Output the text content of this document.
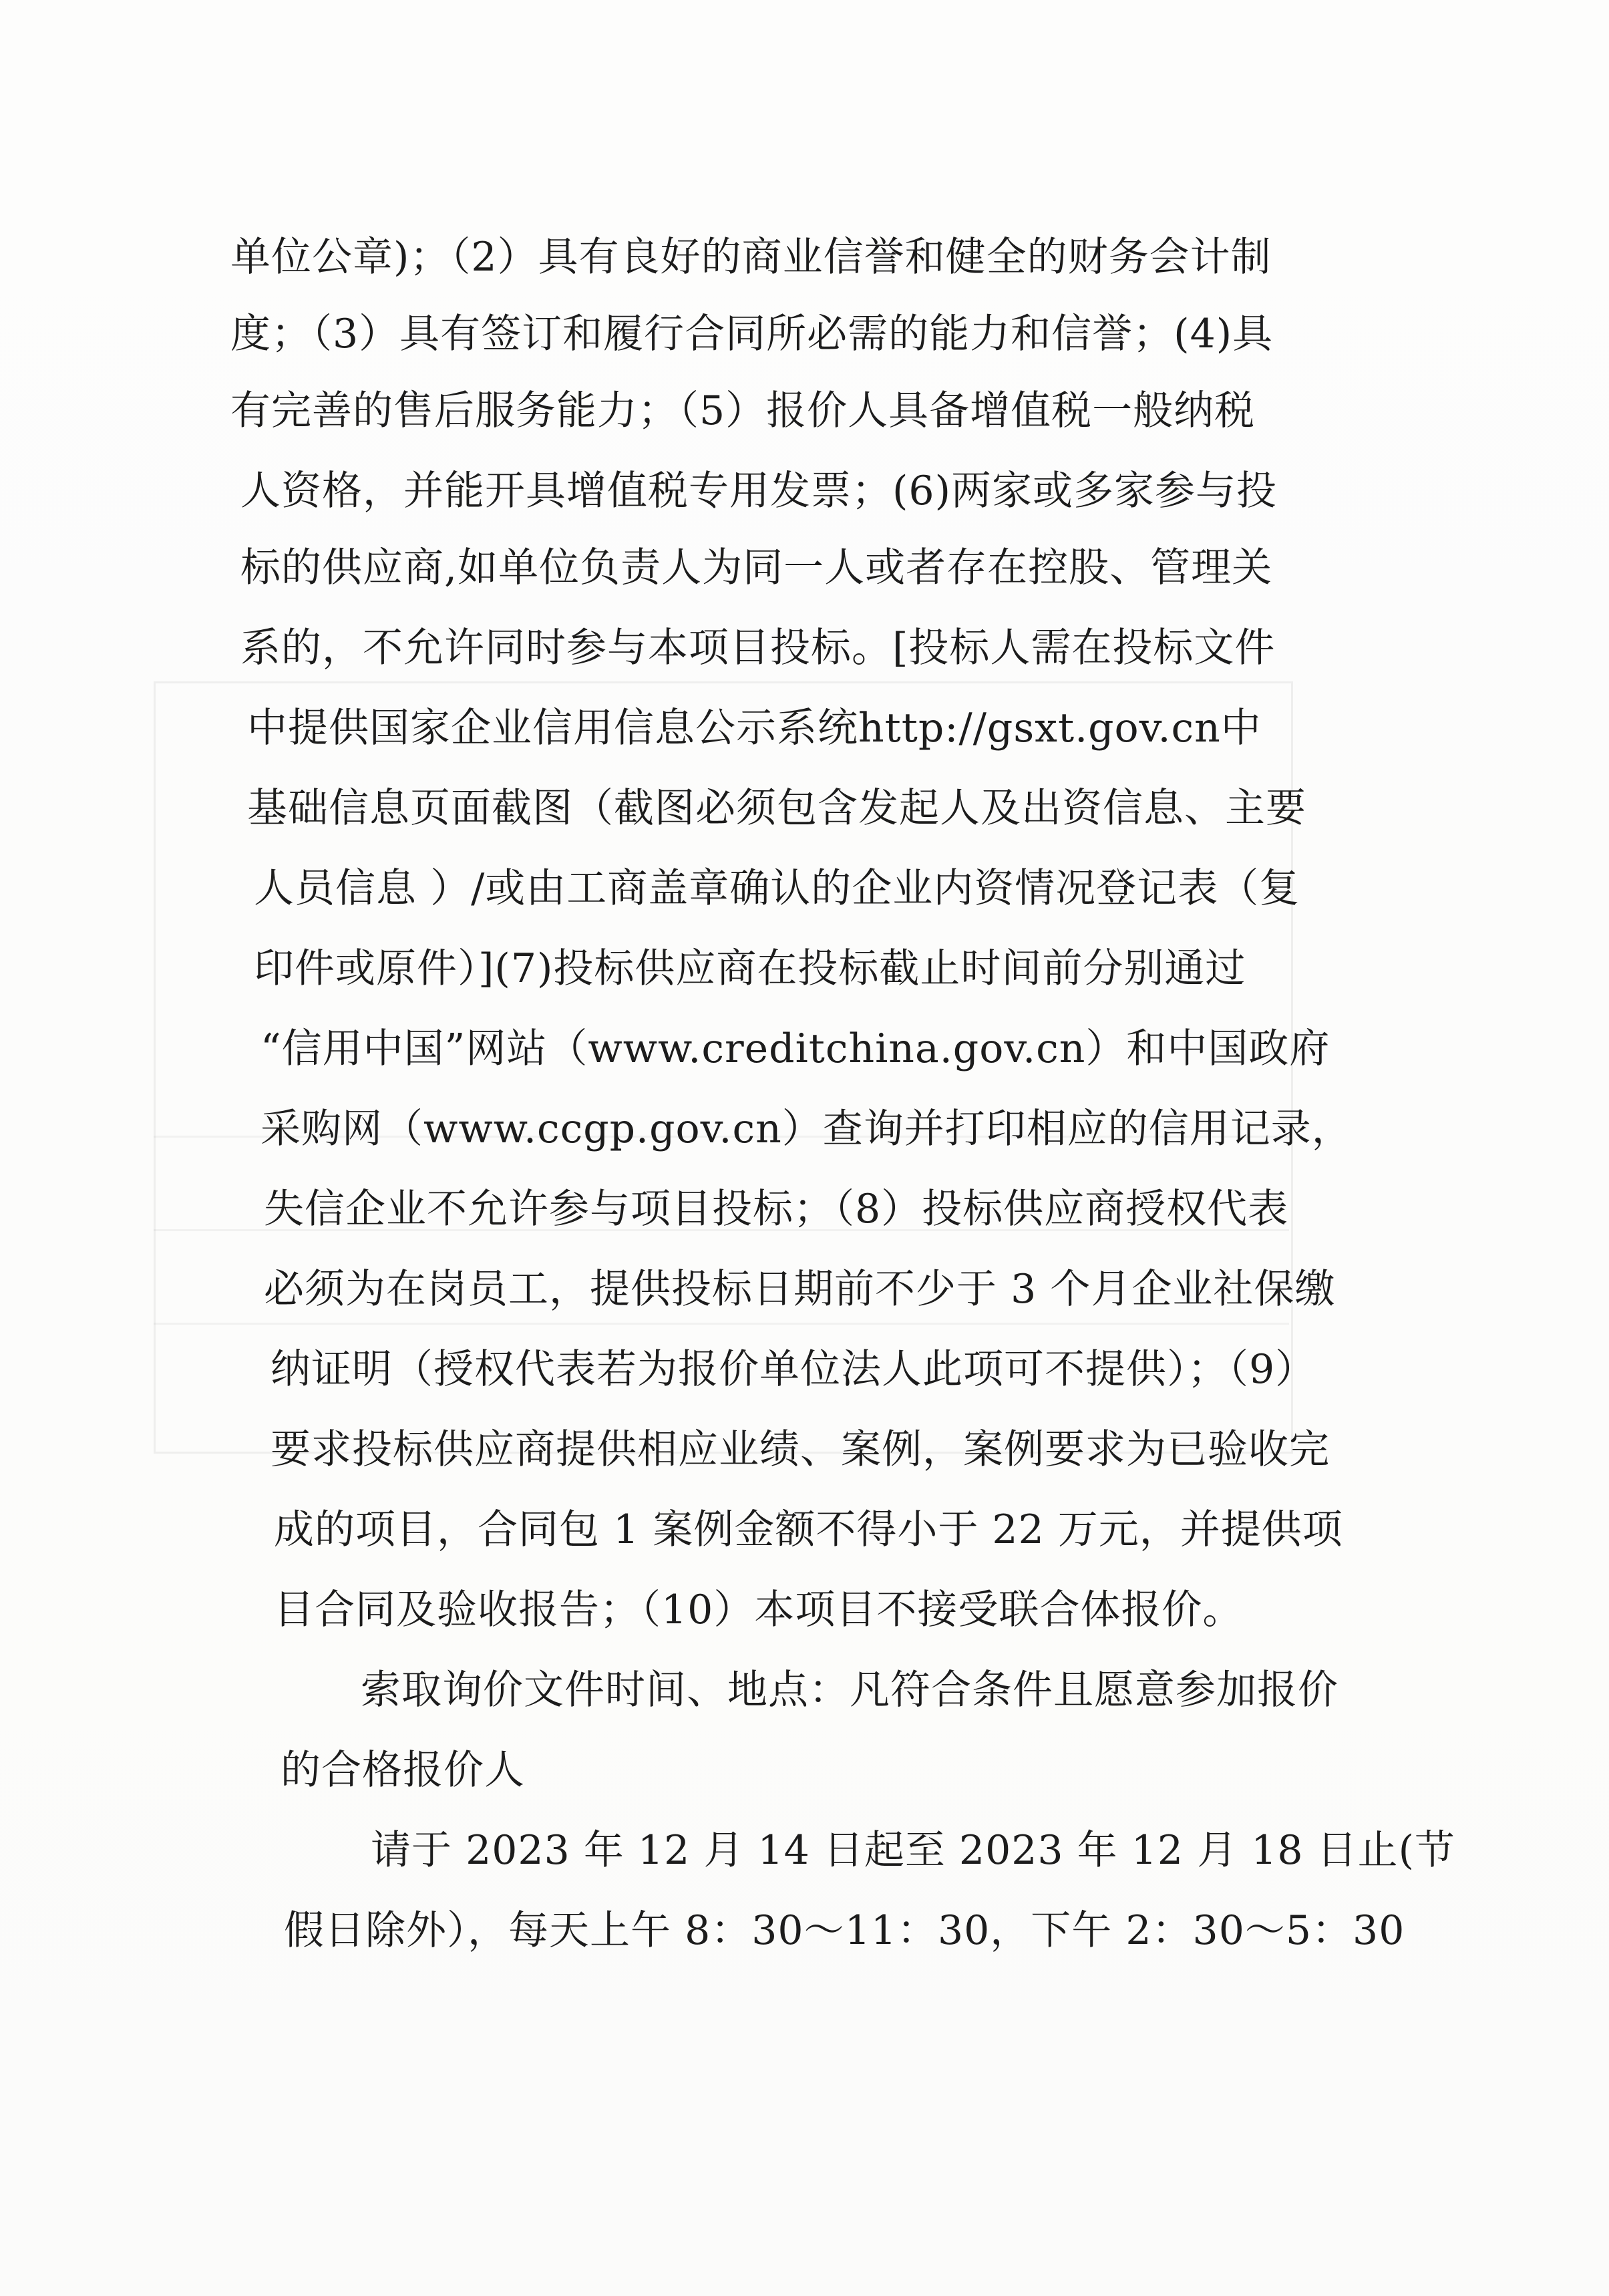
单位公章)；（2）具有良好的商业信誉和健全的财务会计制
度；（3）具有签订和履行合同所必需的能力和信誉；(4)具
有完善的售后服务能力；（5）报价人具备增值税一般纳税
人资格，并能开具增值税专用发票；(6)两家或多家参与投
标的供应商,如单位负责人为同一人或者存在控股、管理关
系的，不允许同时参与本项目投标。[投标人需在投标文件
中提供国家企业信用信息公示系统http://gsxt.gov.cn中
基础信息页面截图（截图必须包含发起人及出资信息、主要
人员信息 ）/或由工商盖章确认的企业内资情况登记表（复
印件或原件）](7)投标供应商在投标截止时间前分别通过
“信用中国”网站（www.creditchina.gov.cn）和中国政府
采购网（www.ccgp.gov.cn）查询并打印相应的信用记录，
失信企业不允许参与项目投标；（8）投标供应商授权代表
必须为在岗员工，提供投标日期前不少于 3 个月企业社保缴
纳证明（授权代表若为报价单位法人此项可不提供）；（9）
要求投标供应商提供相应业绩、案例，案例要求为已验收完
成的项目，合同包 1 案例金额不得小于 22 万元，并提供项
目合同及验收报告；（10）本项目不接受联合体报价。
索取询价文件时间、地点：凡符合条件且愿意参加报价
的合格报价人
请于 2023 年 12 月 14 日起至 2023 年 12 月 18 日止(节
假日除外），每天上午 8：30～11：30，下午 2：30～5：30
